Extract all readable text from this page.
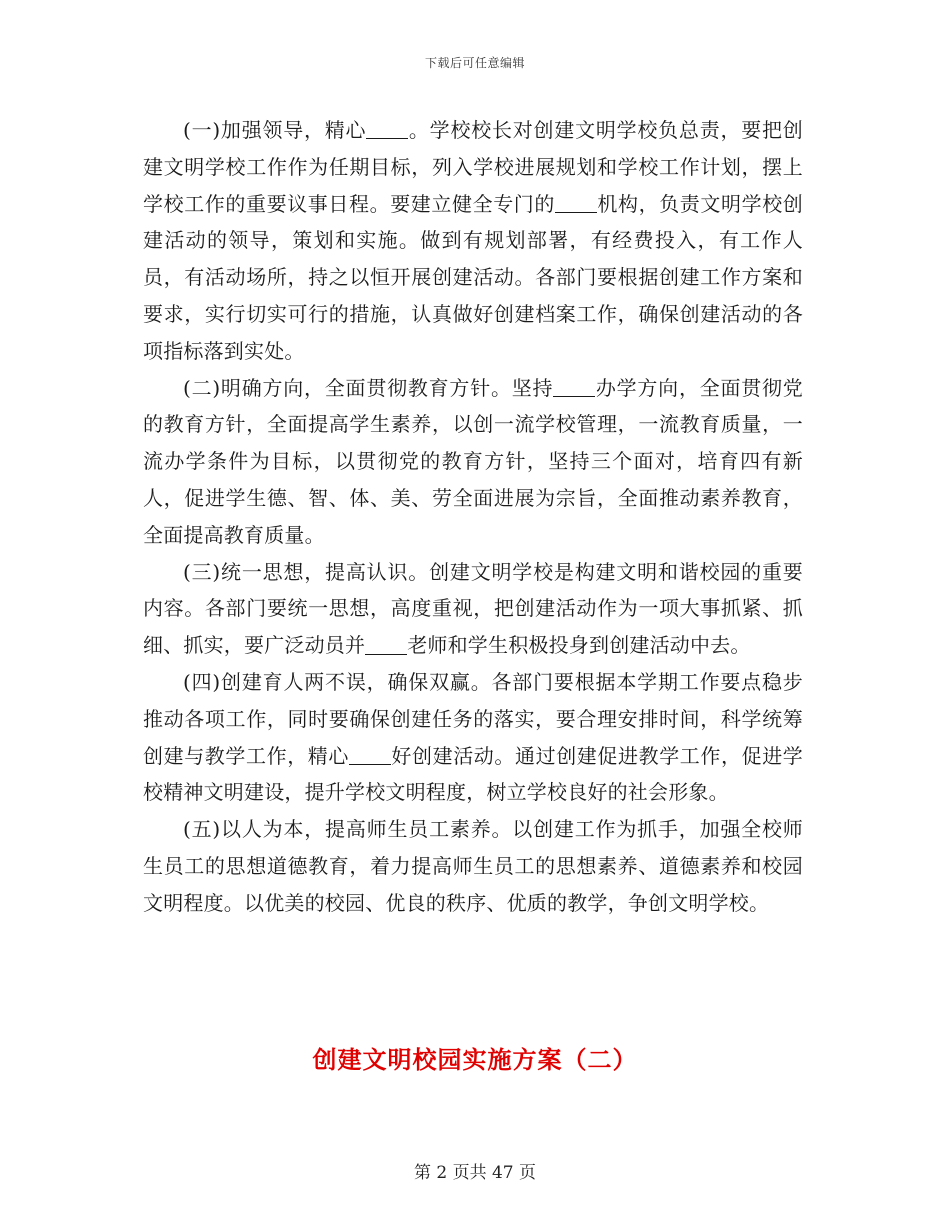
下载后可任意编辑

(一)加强领导，精心 。学校校长对创建文明学校负总责，要把创建文明学校工作作为任期目标，列入学校进展规划和学校工作计划，摆上学校工作的重要议事日程。要建立健全专门的 机构，负责文明学校创建活动的领导，策划和实施。做到有规划部署，有经费投入，有工作人员，有活动场所，持之以恒开展创建活动。各部门要根据创建工作方案和要求，实行切实可行的措施，认真做好创建档案工作，确保创建活动的各项指标落到实处。

(二)明确方向，全面贯彻教育方针。坚持 办学方向，全面贯彻党的教育方针，全面提高学生素养，以创一流学校管理，一流教育质量，一流办学条件为目标，以贯彻党的教育方针，坚持三个面对，培育四有新人，促进学生德、智、体、美、劳全面进展为宗旨，全面推动素养教育，全面提高教育质量。

(三)统一思想，提高认识。创建文明学校是构建文明和谐校园的重要内容。各部门要统一思想，高度重视，把创建活动作为一项大事抓紧、抓细、抓实，要广泛动员并 老师和学生积极投身到创建活动中去。

(四)创建育人两不误，确保双赢。各部门要根据本学期工作要点稳步推动各项工作，同时要确保创建任务的落实，要合理安排时间，科学统筹创建与教学工作，精心 好创建活动。通过创建促进教学工作，促进学校精神文明建设，提升学校文明程度，树立学校良好的社会形象。

(五)以人为本，提高师生员工素养。以创建工作为抓手，加强全校师生员工的思想道德教育，着力提高师生员工的思想素养、道德素养和校园文明程度。以优美的校园、优良的秩序、优质的教学，争创文明学校。

创建文明校园实施方案（二）
第 2 页共 47 页
